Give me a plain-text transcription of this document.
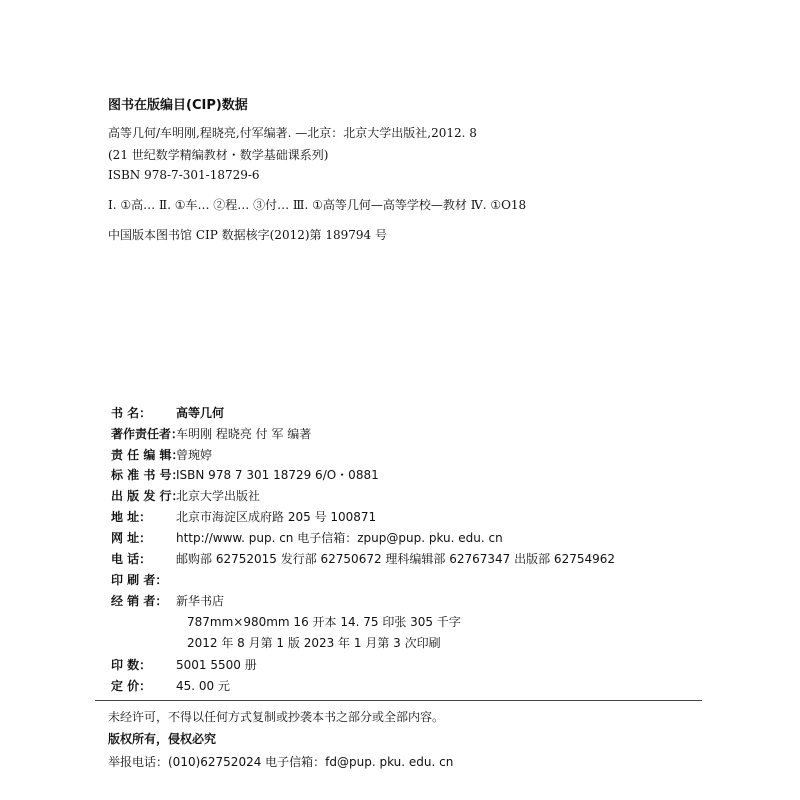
图书在版编目(CIP)数据
高等几何/车明刚,程晓亮,付军编著. —北京：北京大学出版社,2012. 8
(21 世纪数学精编教材・数学基础课系列)
ISBN 978-7-301-18729-6
Ⅰ. ①高… Ⅱ. ①车… ②程… ③付… Ⅲ. ①高等几何—高等学校—教材 Ⅳ. ①O18
中国版本图书馆 CIP 数据核字(2012)第 189794 号
书 名： 高等几何
著作责任者：
车明刚 程晓亮 付 军 编著
责 任 编 辑：
曾琬婷
标 准 书 号：
ISBN 978 7 301 18729 6/O・0881
出 版 发 行：
北京大学出版社
地 址： 北京市海淀区成府路 205 号 100871
网 址： http://www. pup. cn 电子信箱：zpup@pup. pku. edu. cn
电 话： 邮购部 62752015 发行部 62750672 理科编辑部 62767347 出版部 62754962
印 刷 者：
经 销 者： 新华书店
787mm×980mm 16 开本 14. 75 印张 305 千字
2012 年 8 月第 1 版 2023 年 1 月第 3 次印刷
印 数： 5001 5500 册
定 价： 45. 00 元
未经许可，不得以任何方式复制或抄袭本书之部分或全部内容。
版权所有，侵权必究
举报电话：(010)62752024 电子信箱：fd@pup. pku. edu. cn
